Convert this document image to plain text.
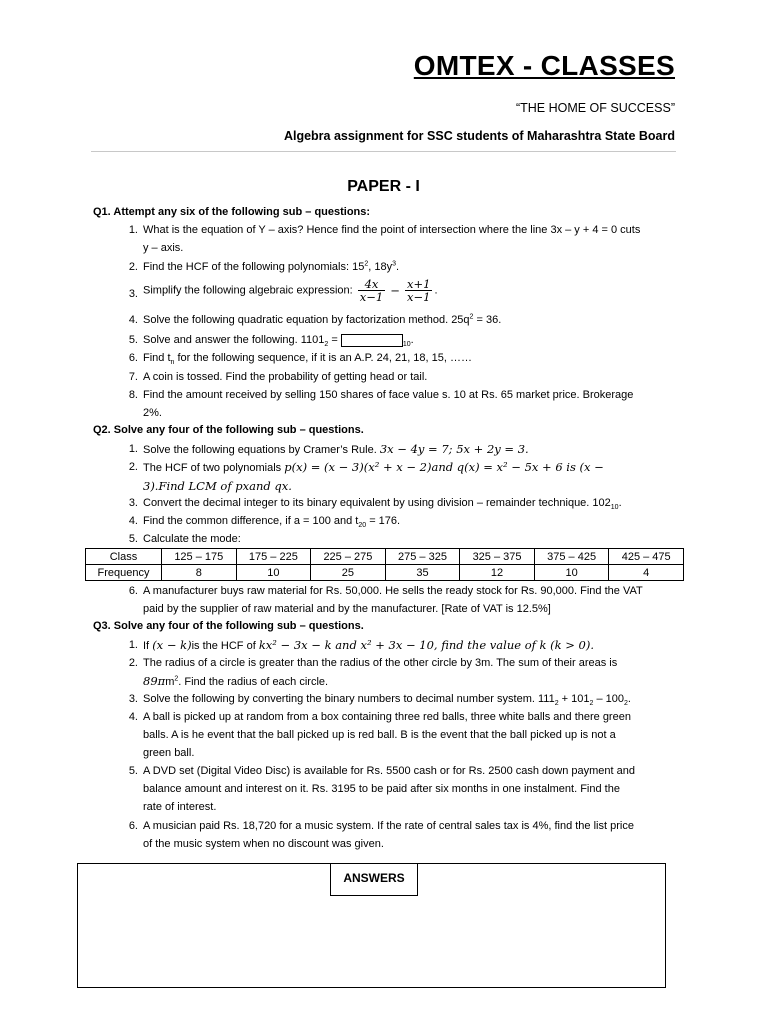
OMTEX - CLASSES
“THE HOME OF SUCCESS”
Algebra assignment for SSC students of Maharashtra State Board
PAPER - I
Q1. Attempt any six of the following sub – questions:
1. What is the equation of Y – axis? Hence find the point of intersection where the line 3x – y + 4 = 0 cuts
y – axis.
2. Find the HCF of the following polynomials: $15^2$, $18y^3$.
3. Simplify the following algebraic expression: $\frac{4x}{x-1} - \frac{x+1}{x-1}$ .
4. Solve the following quadratic equation by factorization method. $25q^2 = 36$.
5. Solve and answer the following. $1101_2$ =	$_{10}$.
6. Find $t_n$ for the following sequence, if it is an A.P. 24, 21, 18, 15, ……
7. A coin is tossed. Find the probability of getting head or tail.
8. Find the amount received by selling 150 shares of face value s. 10 at Rs. 65 market price. Brokerage
2%.
Q2. Solve any four of the following sub – questions.
1. Solve the following equations by Cramer’s Rule. 3x − 4y = 7; 5x + 2y = 3.
2. The HCF of two polynomials p(x) = (x − 3)(x² + x − 2)and q(x) = x² − 5x + 6 is (x −
3).Find LCM of pxand qx.
3. Convert the decimal integer to its binary equivalent by using division – remainder technique. $102_{10}$.
4. Find the common difference, if a = 100 and $t_{20} = 176$.
5. Calculate the mode:
Class	125 – 175	175 – 225	225 – 275	275 – 325	325 – 375	375 – 425	425 – 475
Frequency	8	10	25	35	12	10	4
6. A manufacturer buys raw material for Rs. 50,000. He sells the ready stock for Rs. 90,000. Find the VAT
paid by the supplier of raw material and by the manufacturer. [Rate of VAT is 12.5%]
Q3. Solve any four of the following sub – questions.
1. If (x − k)is the HCF of kx² − 3x − k and x² + 3x − 10, find the value of k (k > 0).
2. The radius of a circle is greater than the radius of the other circle by 3m. The sum of their areas is
$89\pi m^2$. Find the radius of each circle.
3. Solve the following by converting the binary numbers to decimal number system. $111_2 + 101_2 - 100_2$.
4. A ball is picked up at random from a box containing three red balls, three white balls and there green
balls. A is he event that the ball picked up is red ball. B is the event that the ball picked up is not a
green ball.
5. A DVD set (Digital Video Disc) is available for Rs. 5500 cash or for Rs. 2500 cash down payment and
balance amount and interest on it. Rs. 3195 to be paid after six months in one instalment. Find the
rate of interest.
6. A musician paid Rs. 18,720 for a music system. If the rate of central sales tax is 4%, find the list price
of the music system when no discount was given.
ANSWERS
